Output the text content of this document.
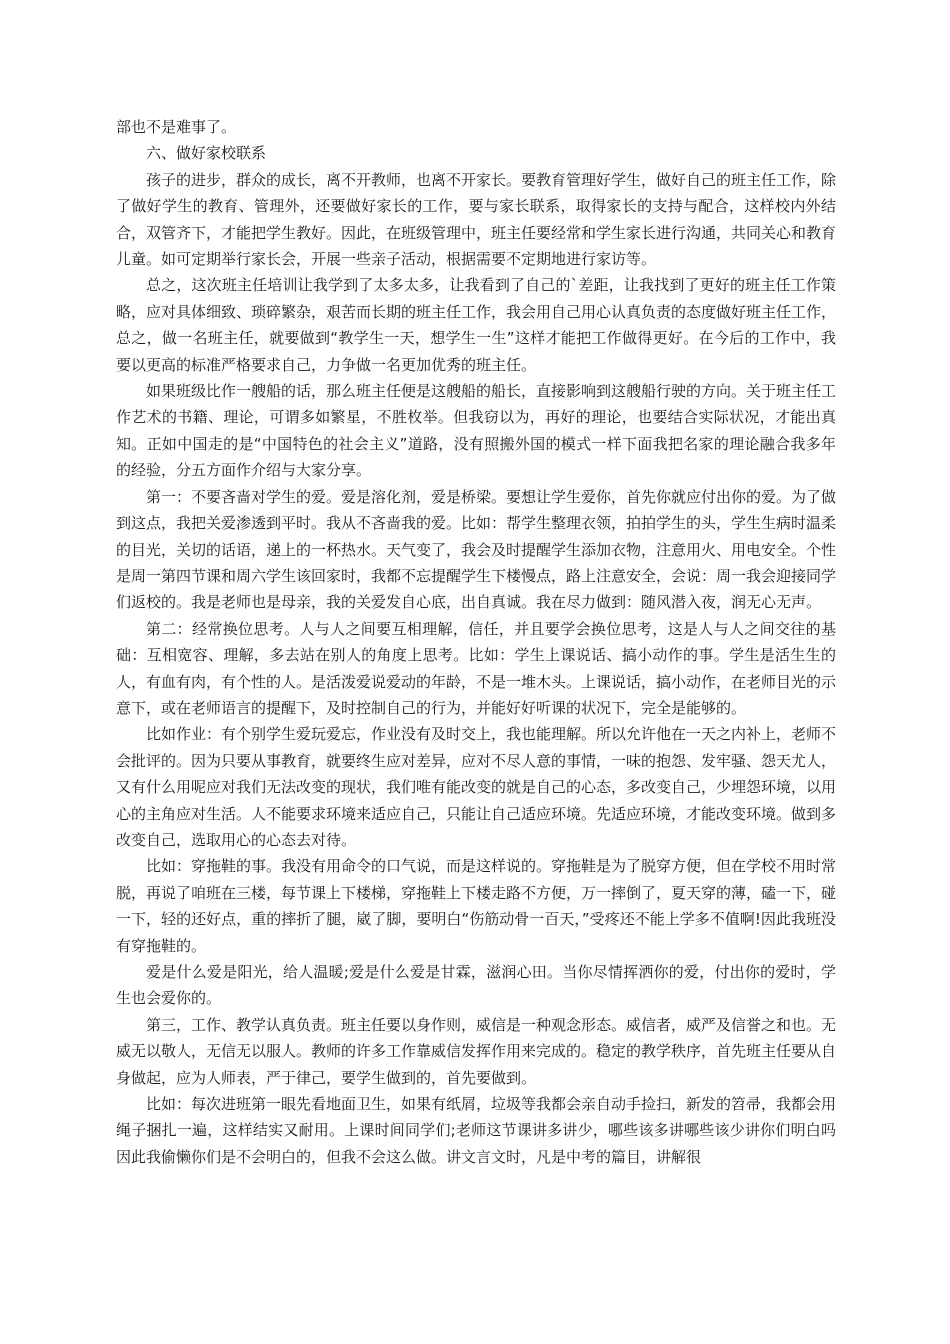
部也不是难事了。

六、做好家校联系

孩子的进步，群众的成长，离不开教师，也离不开家长。要教育管理好学生，做好自己的班主任工作，除了做好学生的教育、管理外，还要做好家长的工作，要与家长联系，取得家长的支持与配合，这样校内外结合，双管齐下，才能把学生教好。因此，在班级管理中，班主任要经常和学生家长进行沟通，共同关心和教育儿童。如可定期举行家长会，开展一些亲子活动，根据需要不定期地进行家访等。

总之，这次班主任培训让我学到了太多太多，让我看到了自己的`差距，让我找到了更好的班主任工作策略，应对具体细致、琐碎繁杂，艰苦而长期的班主任工作，我会用自己用心认真负责的态度做好班主任工作，总之，做一名班主任，就要做到“教学生一天，想学生一生”这样才能把工作做得更好。在今后的工作中，我要以更高的标准严格要求自己，力争做一名更加优秀的班主任。

如果班级比作一艘船的话，那么班主任便是这艘船的船长，直接影响到这艘船行驶的方向。关于班主任工作艺术的书籍、理论，可谓多如繁星，不胜枚举。但我窃以为，再好的理论，也要结合实际状况，才能出真知。正如中国走的是“中国特色的社会主义”道路，没有照搬外国的模式一样下面我把名家的理论融合我多年的经验，分五方面作介绍与大家分享。

第一：不要吝啬对学生的爱。爱是溶化剂，爱是桥梁。要想让学生爱你，首先你就应付出你的爱。为了做到这点，我把关爱渗透到平时。我从不吝啬我的爱。比如：帮学生整理衣领，拍拍学生的头，学生生病时温柔的目光，关切的话语，递上的一杯热水。天气变了，我会及时提醒学生添加衣物，注意用火、用电安全。个性是周一第四节课和周六学生该回家时，我都不忘提醒学生下楼慢点，路上注意安全，会说：周一我会迎接同学们返校的。我是老师也是母亲，我的关爱发自心底，出自真诚。我在尽力做到：随风潜入夜，润无心无声。

第二：经常换位思考。人与人之间要互相理解，信任，并且要学会换位思考，这是人与人之间交往的基础：互相宽容、理解，多去站在别人的角度上思考。比如：学生上课说话、搞小动作的事。学生是活生生的人，有血有肉，有个性的人。是活泼爱说爱动的年龄，不是一堆木头。上课说话，搞小动作，在老师目光的示意下，或在老师语言的提醒下，及时控制自己的行为，并能好好听课的状况下，完全是能够的。

比如作业：有个别学生爱玩爱忘，作业没有及时交上，我也能理解。所以允许他在一天之内补上，老师不会批评的。因为只要从事教育，就要终生应对差异，应对不尽人意的事情，一味的抱怨、发牢骚、怨天尤人，又有什么用呢应对我们无法改变的现状，我们唯有能改变的就是自己的心态，多改变自己，少埋怨环境，以用心的主角应对生活。人不能要求环境来适应自己，只能让自己适应环境。先适应环境，才能改变环境。做到多改变自己，选取用心的心态去对待。

比如：穿拖鞋的事。我没有用命令的口气说，而是这样说的。穿拖鞋是为了脱穿方便，但在学校不用时常脱，再说了咱班在三楼，每节课上下楼梯，穿拖鞋上下楼走路不方便，万一摔倒了，夏天穿的薄，磕一下，碰一下，轻的还好点，重的摔折了腿，崴了脚，要明白“伤筋动骨一百天，”受疼还不能上学多不值啊!因此我班没有穿拖鞋的。

爱是什么爱是阳光，给人温暖;爱是什么爱是甘霖，滋润心田。当你尽情挥洒你的爱，付出你的爱时，学生也会爱你的。

第三，工作、教学认真负责。班主任要以身作则，威信是一种观念形态。威信者，威严及信誉之和也。无威无以敬人，无信无以服人。教师的许多工作靠威信发挥作用来完成的。稳定的教学秩序，首先班主任要从自身做起，应为人师表，严于律己，要学生做到的，首先要做到。

比如：每次进班第一眼先看地面卫生，如果有纸屑，垃圾等我都会亲自动手捡扫，新发的笤帚，我都会用绳子捆扎一遍，这样结实又耐用。上课时间同学们;老师这节课讲多讲少，哪些该多讲哪些该少讲你们明白吗因此我偷懒你们是不会明白的，但我不会这么做。讲文言文时，凡是中考的篇目，讲解很
